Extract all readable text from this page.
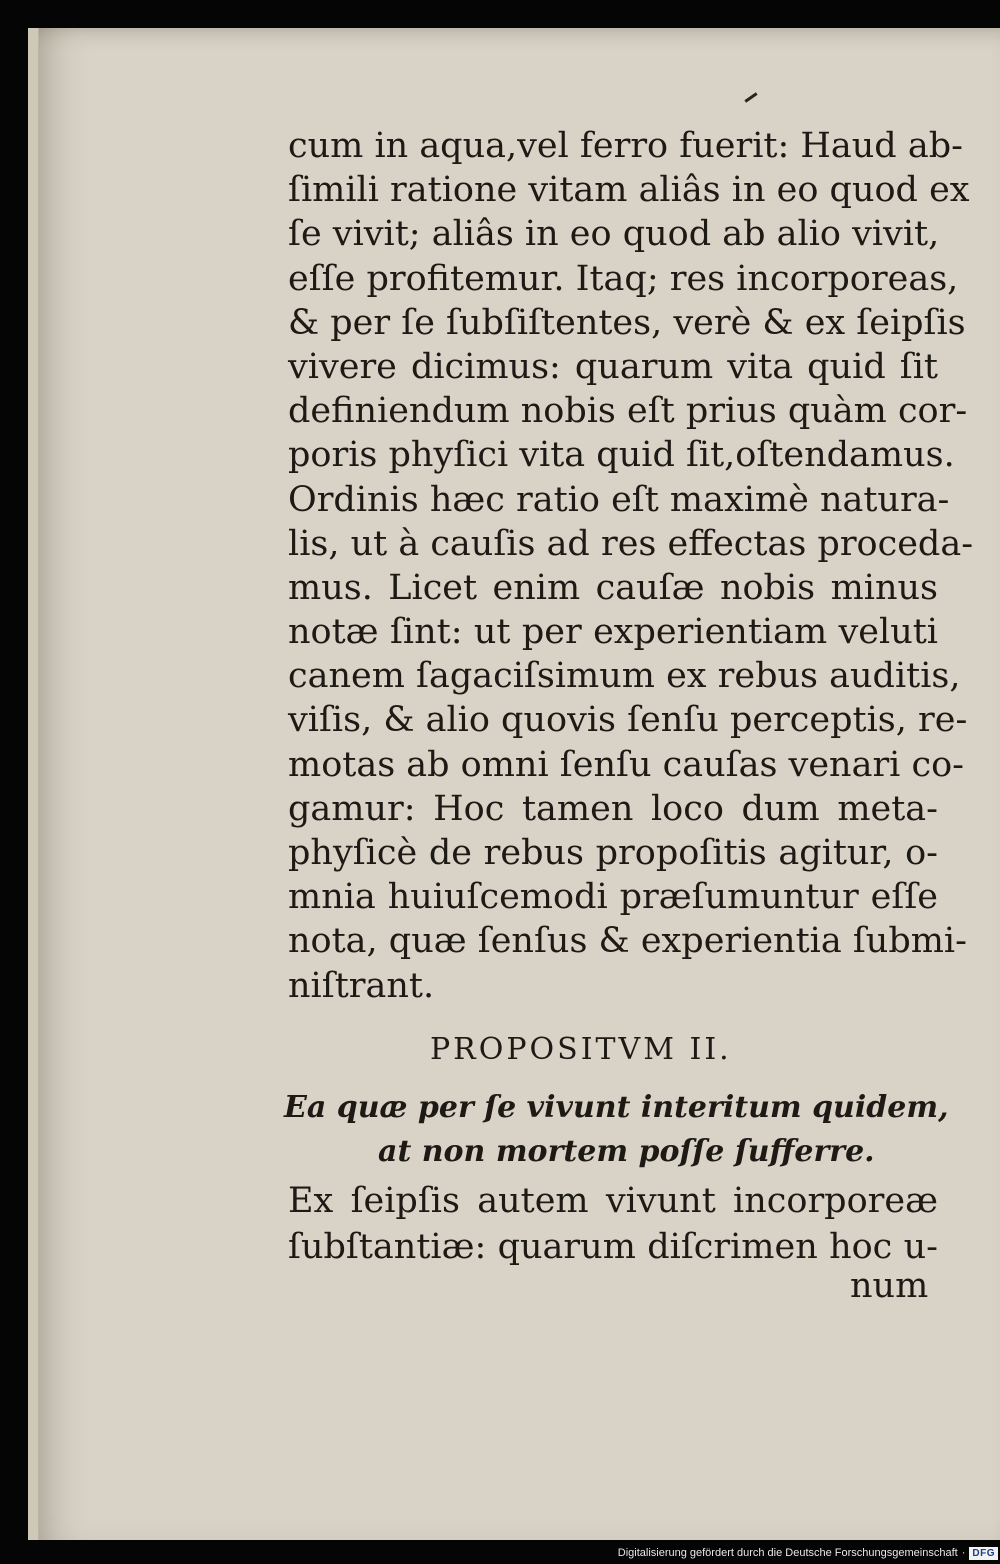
cum in aqua,vel ferro fuerit: Haud ab-
ſimili ratione vitam aliâs in eo quod ex
ſe vivit; aliâs in eo quod ab alio vivit,
eſſe profitemur. Itaq; res incorporeas,
& per ſe ſubſiſtentes, verè & ex ſeipſis
vivere dicimus: quarum vita quid ſit
definiendum nobis eſt prius quàm cor-
poris phyſici vita quid ſit,oſtendamus.
Ordinis hæc ratio eſt maximè natura-
lis, ut à cauſis ad res effectas proceda-
mus. Licet enim cauſæ nobis minus
notæ ſint: ut per experientiam veluti
canem ſagaciſsimum ex rebus auditis,
viſis, & alio quovis ſenſu perceptis, re-
motas ab omni ſenſu cauſas venari co-
gamur: Hoc tamen loco dum meta-
phyſicè de rebus propoſitis agitur, o-
mnia huiuſcemodi præſumuntur eſſe
nota, quæ ſenſus & experientia ſubmi-
niſtrant.
PROPOSITVM II.
Ea quæ per ſe vivunt interitum quidem,
at non mortem poſſe ſufferre.
Ex ſeipſis autem vivunt incorporeæ
ſubſtantiæ: quarum diſcrimen hoc u-
num
Digitalisierung gefördert durch die Deutsche Forschungsgemeinschaft · DFG
